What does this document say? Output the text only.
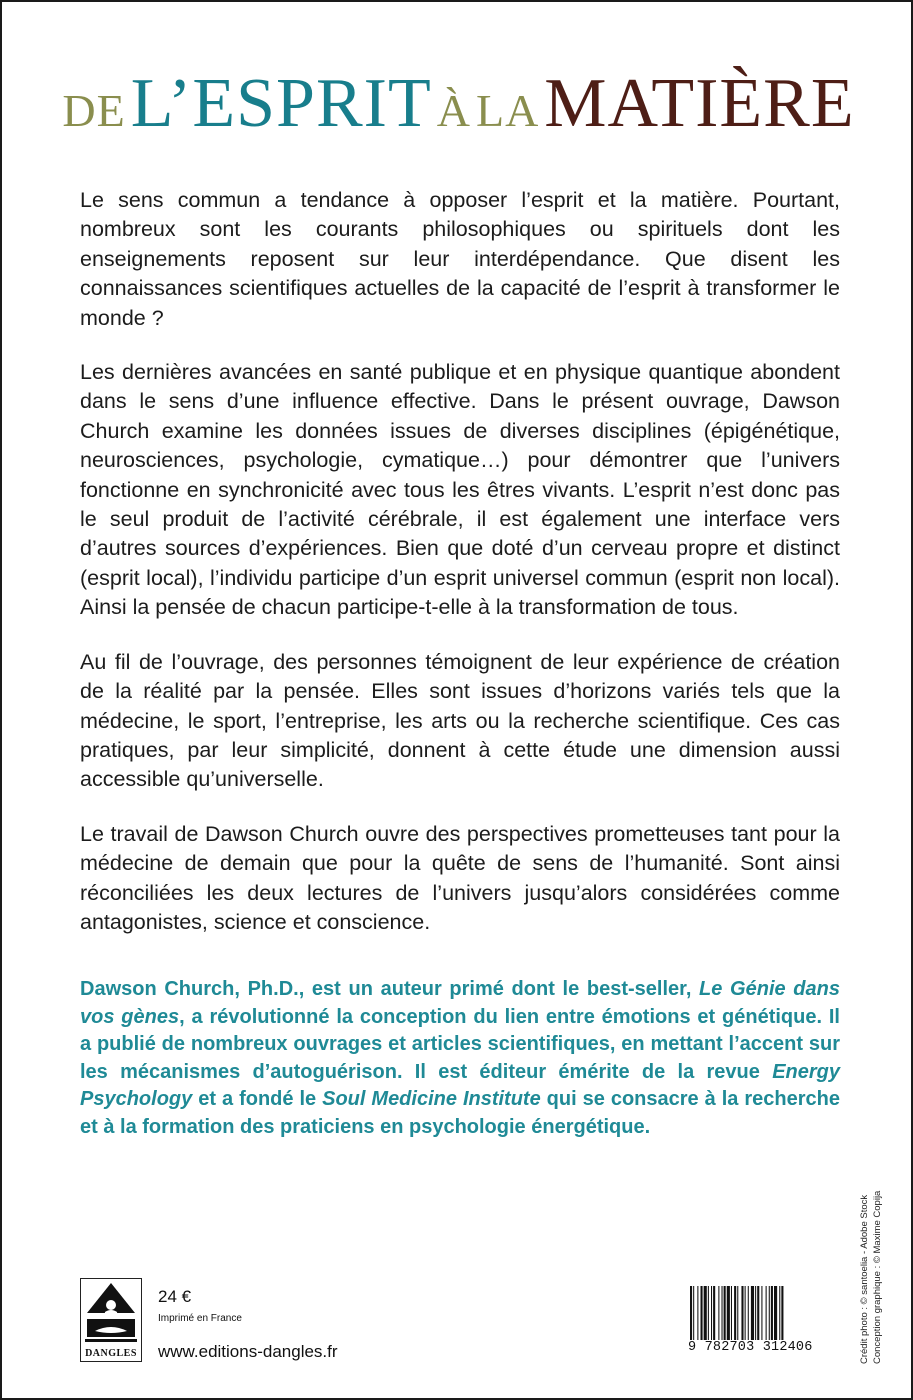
DE L’ESPRIT À LA MATIÈRE

Le sens commun a tendance à opposer l’esprit et la matière. Pourtant, nombreux sont les courants philosophiques ou spirituels dont les enseignements reposent sur leur interdépendance. Que disent les connaissances scientifiques actuelles de la capacité de l’esprit à transformer le monde ?

Les dernières avancées en santé publique et en physique quantique abondent dans le sens d’une influence effective. Dans le présent ouvrage, Dawson Church examine les données issues de diverses disciplines (épigénétique, neurosciences, psychologie, cymatique…) pour démontrer que l’univers fonctionne en synchronicité avec tous les êtres vivants. L’esprit n’est donc pas le seul produit de l’activité cérébrale, il est également une interface vers d’autres sources d’expériences. Bien que doté d’un cerveau propre et distinct (esprit local), l’individu participe d’un esprit universel commun (esprit non local). Ainsi la pensée de chacun participe-t-elle à la transformation de tous.

Au fil de l’ouvrage, des personnes témoignent de leur expérience de création de la réalité par la pensée. Elles sont issues d’horizons variés tels que la médecine, le sport, l’entreprise, les arts ou la recherche scientifique. Ces cas pratiques, par leur simplicité, donnent à cette étude une dimension aussi accessible qu’universelle.

Le travail de Dawson Church ouvre des perspectives prometteuses tant pour la médecine de demain que pour la quête de sens de l’humanité. Sont ainsi réconciliées les deux lectures de l’univers jusqu’alors considérées comme antagonistes, science et conscience.

Dawson Church, Ph.D., est un auteur primé dont le best-seller, Le Génie dans vos gènes, a révolutionné la conception du lien entre émotions et génétique. Il a publié de nombreux ouvrages et articles scientifiques, en mettant l’accent sur les mécanismes d’autoguérison. Il est éditeur émérite de la revue Energy Psychology et a fondé le Soul Medicine Institute qui se consacre à la recherche et à la formation des praticiens en psychologie énergétique.
Crédit photo : © santoelia - Adobe Stock Conception graphique : © Maxime Copija
DANGLES
24 €
Imprimé en France
www.editions-dangles.fr	9 782703 312406
